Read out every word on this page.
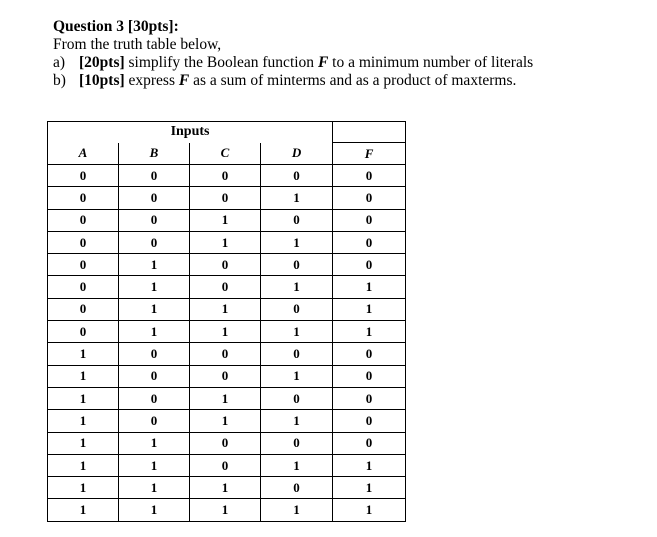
Question 3 [30pts]:
From the truth table below,
a) [20pts] simplify the Boolean function F to a minimum number of literals
b) [10pts] express F as a sum of minterms and as a product of maxterms.
Inputs				
A	B	C	D	F
0	0	0	0	0
0	0	0	1	0
0	0	1	0	0
0	0	1	1	0
0	1	0	0	0
0	1	0	1	1
0	1	1	0	1
0	1	1	1	1
1	0	0	0	0
1	0	0	1	0
1	0	1	0	0
1	0	1	1	0
1	1	0	0	0
1	1	0	1	1
1	1	1	0	1
1	1	1	1	1
